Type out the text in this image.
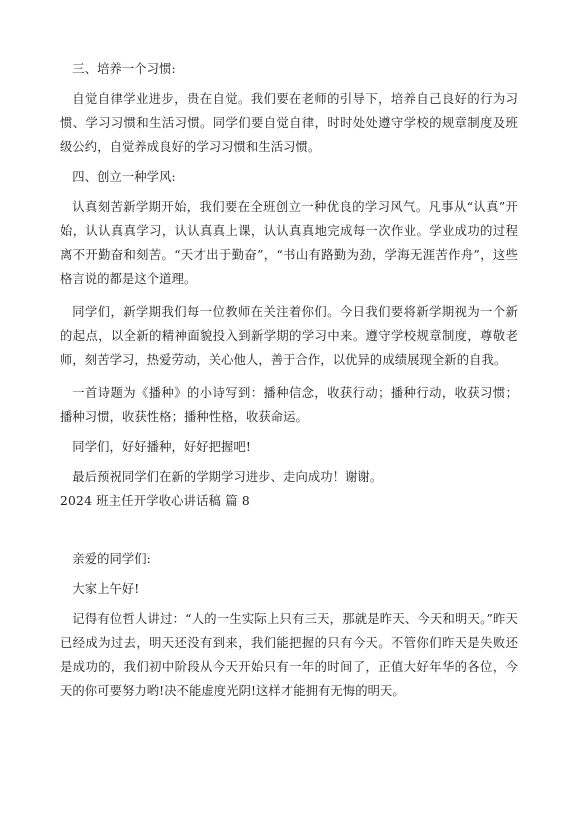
三、培养一个习惯:

自觉自律学业进步，贵在自觉。我们要在老师的引导下，培养自己良好的行为习惯、学习习惯和生活习惯。同学们要自觉自律，时时处处遵守学校的规章制度及班级公约，自觉养成良好的学习习惯和生活习惯。

四、创立一种学风:

认真刻苦新学期开始，我们要在全班创立一种优良的学习风气。凡事从“认真”开始，认认真真学习，认认真真上课，认认真真地完成每一次作业。学业成功的过程离不开勤奋和刻苦。“天才出于勤奋”，“书山有路勤为劲，学海无涯苦作舟”，这些格言说的都是这个道理。

同学们，新学期我们每一位教师在关注着你们。今日我们要将新学期视为一个新的起点，以全新的精神面貌投入到新学期的学习中来。遵守学校规章制度，尊敬老师，刻苦学习，热爱劳动，关心他人，善于合作，以优异的成绩展现全新的自我。

一首诗题为《播种》的小诗写到：播种信念，收获行动；播种行动，收获习惯；播种习惯，收获性格；播种性格，收获命运。

同学们，好好播种，好好把握吧!

最后预祝同学们在新的学期学习进步、走向成功！谢谢。

2024 班主任开学收心讲话稿 篇 8

亲爱的同学们:

大家上午好!

记得有位哲人讲过：“人的一生实际上只有三天，那就是昨天、今天和明天。”昨天已经成为过去，明天还没有到来，我们能把握的只有今天。不管你们昨天是失败还是成功的，我们初中阶段从今天开始只有一年的时间了，正值大好年华的各位，今天的你可要努力哟!决不能虚度光阴!这样才能拥有无悔的明天。
